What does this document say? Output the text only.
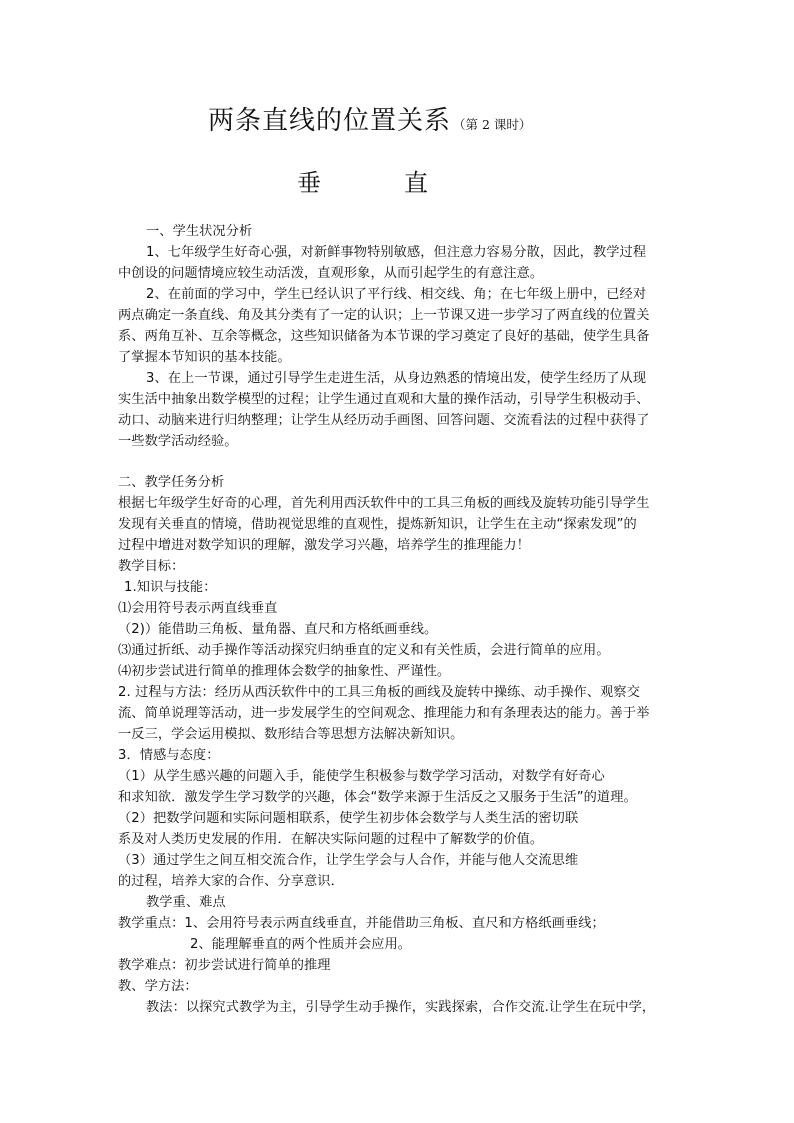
两条直线的位置关系 （第 2 课时）
垂	直
一、学生状况分析
1、七年级学生好奇心强，对新鲜事物特别敏感，但注意力容易分散，因此，教学过程
中创设的问题情境应较生动活泼，直观形象，从而引起学生的有意注意。
2、在前面的学习中，学生已经认识了平行线、相交线、角；在七年级上册中，已经对
两点确定一条直线、角及其分类有了一定的认识；上一节课又进一步学习了两直线的位置关
系、两角互补、互余等概念，这些知识储备为本节课的学习奠定了良好的基础，使学生具备
了掌握本节知识的基本技能。
3、在上一节课，通过引导学生走进生活，从身边熟悉的情境出发，使学生经历了从现
实生活中抽象出数学模型的过程；让学生通过直观和大量的操作活动，引导学生积极动手、
动口、动脑来进行归纳整理；让学生从经历动手画图、回答问题、交流看法的过程中获得了
一些数学活动经验。
二、教学任务分析
根据七年级学生好奇的心理，首先利用西沃软件中的工具三角板的画线及旋转功能引导学生
发现有关垂直的情境，借助视觉思维的直观性，提炼新知识，让学生在主动“探索发现”的
过程中增进对数学知识的理解，激发学习兴趣，培养学生的推理能力！
教学目标：
1.知识与技能：
⑴会用符号表示两直线垂直
（2)）能借助三角板、量角器、直尺和方格纸画垂线。
⑶通过折纸、动手操作等活动探究归纳垂直的定义和有关性质，会进行简单的应用。
⑷初步尝试进行简单的推理体会数学的抽象性、严谨性。
2. 过程与方法：经历从西沃软件中的工具三角板的画线及旋转中操练、动手操作、观察交
流、简单说理等活动，进一步发展学生的空间观念、推理能力和有条理表达的能力。善于举
一反三，学会运用模拟、数形结合等思想方法解决新知识。
3．情感与态度：
（1）从学生感兴趣的问题入手，能使学生积极参与数学学习活动，对数学有好奇心
和求知欲．激发学生学习数学的兴趣，体会“数学来源于生活反之又服务于生活”的道理。
（2）把数学问题和实际问题相联系，使学生初步体会数学与人类生活的密切联
系及对人类历史发展的作用．在解决实际问题的过程中了解数学的价值。
（3）通过学生之间互相交流合作，让学生学会与人合作，并能与他人交流思维
的过程，培养大家的合作、分享意识．
教学重、难点
教学重点：1、会用符号表示两直线垂直，并能借助三角板、直尺和方格纸画垂线；
2、能理解垂直的两个性质并会应用。
教学难点：初步尝试进行简单的推理
教、学方法：
教法：以探究式教学为主，引导学生动手操作，实践探索，合作交流.让学生在玩中学，
